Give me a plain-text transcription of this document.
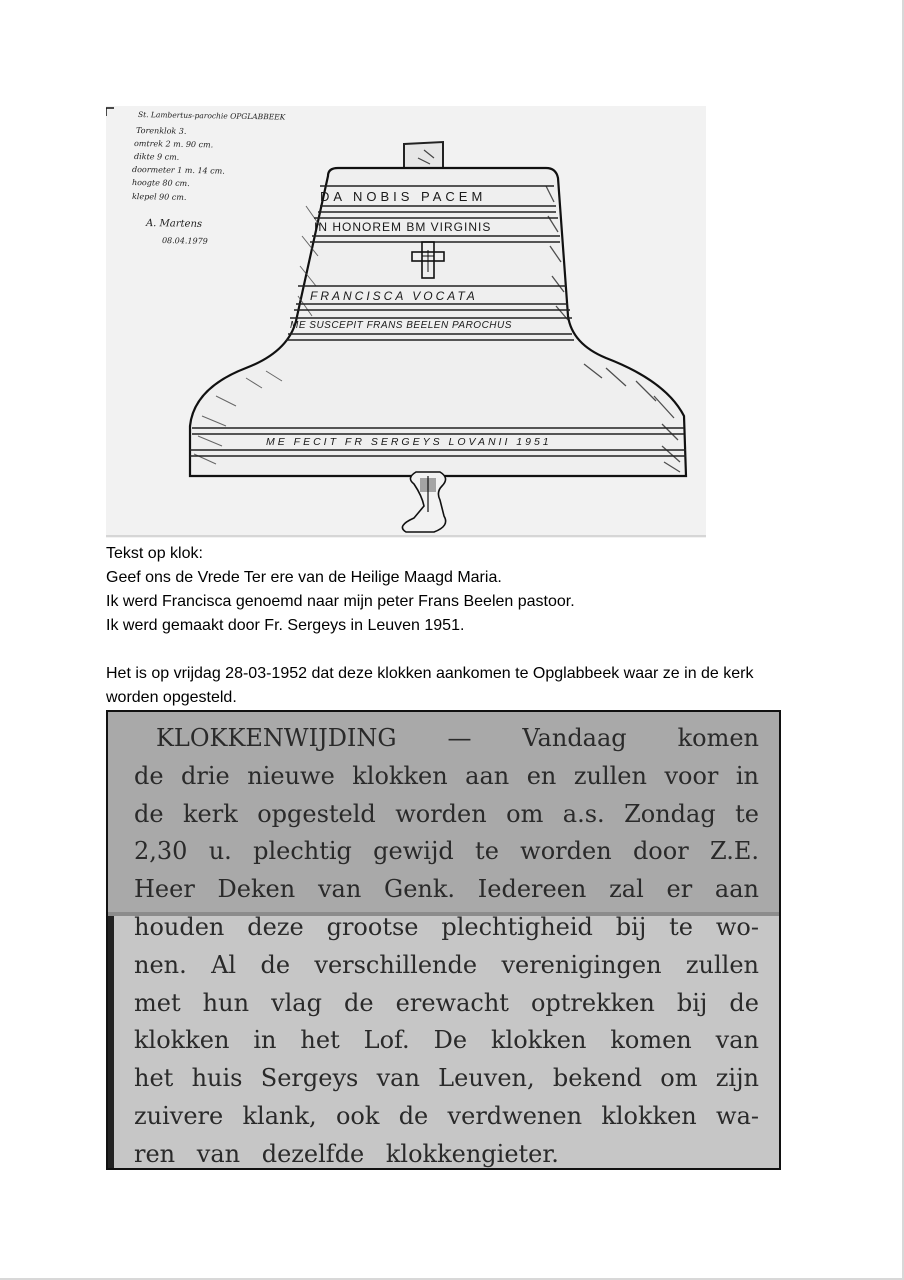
St. Lambertus-parochie OPGLABBEEK
Torenklok 3.
omtrek 2 m. 90 cm.
dikte 9 cm.
doormeter 1 m. 14 cm.
hoogte 80 cm.
klepel 90 cm.
A. Martens
08.04.1979
DA NOBIS PACEM
IN HONOREM BM VIRGINIS
FRANCISCA VOCATA
ME SUSCEPIT FRANS BEELEN PAROCHUS
ME FECIT FR SERGEYS LOVANII 1951
Tekst op klok:
Geef ons de Vrede Ter ere van de Heilige Maagd Maria.
Ik werd Francisca genoemd naar mijn peter Frans Beelen pastoor.
Ik werd gemaakt door Fr. Sergeys in Leuven 1951.
Het is op vrijdag 28-03-1952 dat deze klokken aankomen te Opglabbeek waar ze in de kerk worden opgesteld.
KLOKKENWIJDING — Vandaag komen
de drie nieuwe klokken aan en zullen voor in
de kerk opgesteld worden om a.s. Zondag te
2,30 u. plechtig gewijd te worden door Z.E.
Heer Deken van Genk. Iedereen zal er aan
houden deze grootse plechtigheid bij te wo-
nen. Al de verschillende verenigingen zullen
met hun vlag de erewacht optrekken bij de
klokken in het Lof. De klokken komen van
het huis Sergeys van Leuven, bekend om zijn
zuivere klank, ook de verdwenen klokken wa-
ren van dezelfde klokkengieter.
